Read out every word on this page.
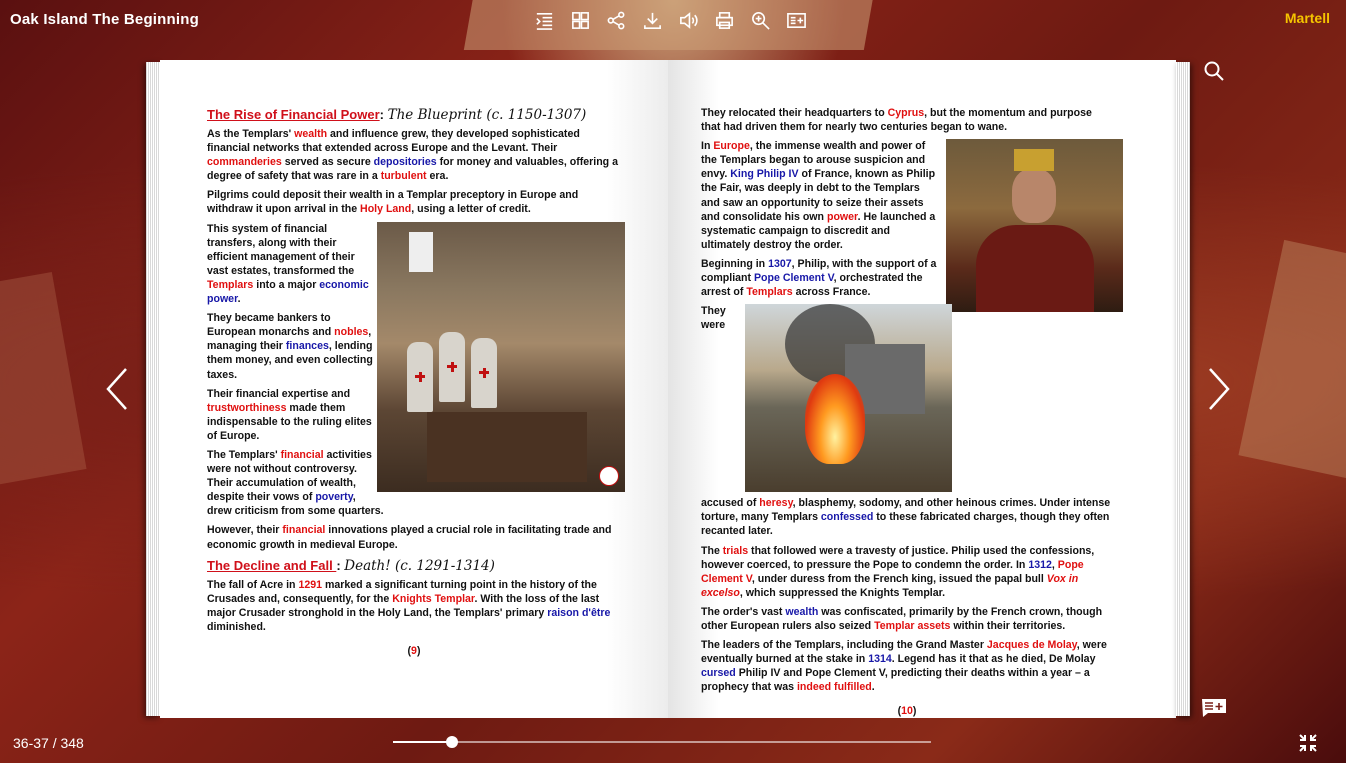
Oak Island The Beginning	Martell
36-37 / 348
The Rise of Financial Power: The Blueprint (c. 1150-1307)

As the Templars' wealth and influence grew, they developed sophisticated financial networks that extended across Europe and the Levant. Their commanderies served as secure depositories for money and valuables, offering a degree of safety that was rare in a turbulent era.

Pilgrims could deposit their wealth in a Templar preceptory in Europe and withdraw it upon arrival in the Holy Land, using a letter of credit.

This system of financial transfers, along with their efficient management of their vast estates, transformed the Templars into a major economic power.

They became bankers to European monarchs and nobles, managing their finances, lending them money, and even collecting taxes.

Their financial expertise and trustworthiness made them indispensable to the ruling elites of Europe.

The Templars' financial activities were not without controversy. Their accumulation of wealth, despite their vows of poverty, drew criticism from some quarters.

However, their financial innovations played a crucial role in facilitating trade and economic growth in medieval Europe.

The Decline and Fall : Death! (c. 1291-1314)

The fall of Acre in 1291 marked a significant turning point in the history of the Crusades and, consequently, for the Knights Templar. With the loss of the last major Crusader stronghold in the Holy Land, the Templars' primary raison d'être diminished.

(9)

They relocated their headquarters to Cyprus, but the momentum and purpose that had driven them for nearly two centuries began to wane.

In Europe, the immense wealth and power of the Templars began to arouse suspicion and envy. King Philip IV of France, known as Philip the Fair, was deeply in debt to the Templars and saw an opportunity to seize their assets and consolidate his own power. He launched a systematic campaign to discredit and ultimately destroy the order.

Beginning in 1307, Philip, with the support of a compliant Pope Clement V, orchestrated the arrest of Templars across France.

They were accused of heresy, blasphemy, sodomy, and other heinous crimes. Under intense torture, many Templars confessed to these fabricated charges, though they often recanted later.

The trials that followed were a travesty of justice. Philip used the confessions, however coerced, to pressure the Pope to condemn the order. In 1312, Pope Clement V, under duress from the French king, issued the papal bull Vox in excelso, which suppressed the Knights Templar.

The order's vast wealth was confiscated, primarily by the French crown, though other European rulers also seized Templar assets within their territories.

The leaders of the Templars, including the Grand Master Jacques de Molay, were eventually burned at the stake in 1314. Legend has it that as he died, De Molay cursed Philip IV and Pope Clement V, predicting their deaths within a year – a prophecy that was indeed fulfilled.

(10)
